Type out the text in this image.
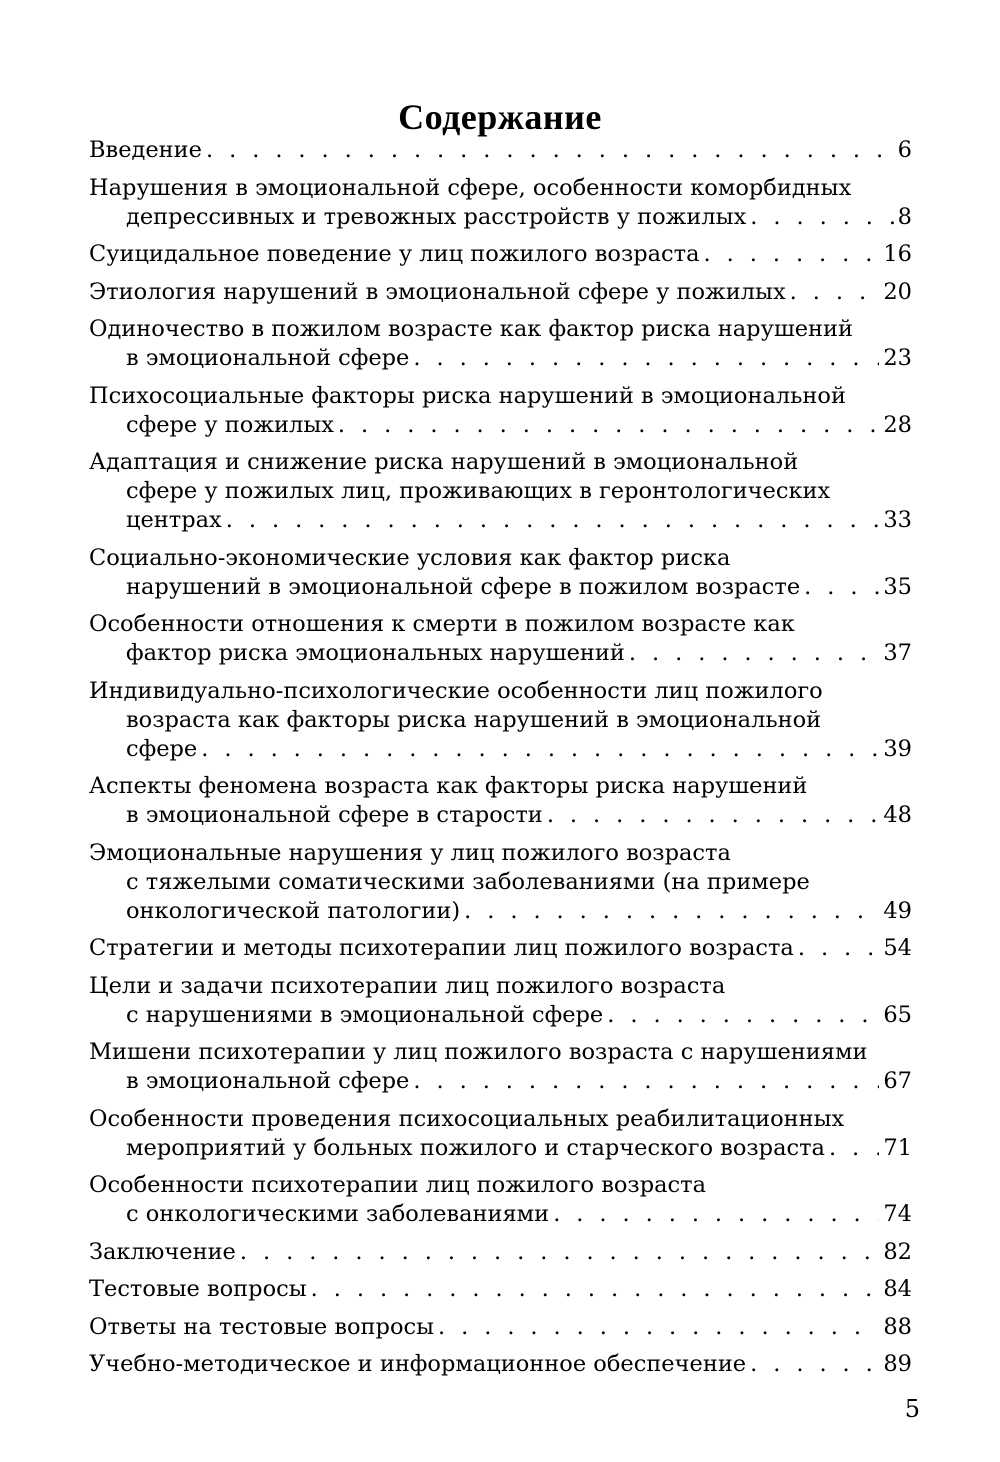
Содержание
Введение . . .	6
Нарушения в эмоциональной сфере, особенности коморбидных
депрессивных и тревожных расстройств у пожилых . . .	8
Суицидальное поведение у лиц пожилого возраста . . .	16
Этиология нарушений в эмоциональной сфере у пожилых . . .	20
Одиночество в пожилом возрасте как фактор риска нарушений
в эмоциональной сфере . . .	23
Психосоциальные факторы риска нарушений в эмоциональной
сфере у пожилых . . .	28
Адаптация и снижение риска нарушений в эмоциональной
сфере у пожилых лиц, проживающих в геронтологических
центрах . . .	33
Социально-экономические условия как фактор риска
нарушений в эмоциональной сфере в пожилом возрасте . . .	35
Особенности отношения к смерти в пожилом возрасте как
фактор риска эмоциональных нарушений . . .	37
Индивидуально-психологические особенности лиц пожилого
возраста как факторы риска нарушений в эмоциональной
сфере . . .	39
Аспекты феномена возраста как факторы риска нарушений
в эмоциональной сфере в старости . . .	48
Эмоциональные нарушения у лиц пожилого возраста
с тяжелыми соматическими заболеваниями (на примере
онкологической патологии) . . .	49
Стратегии и методы психотерапии лиц пожилого возраста . . .	54
Цели и задачи психотерапии лиц пожилого возраста
с нарушениями в эмоциональной сфере . . .	65
Мишени психотерапии у лиц пожилого возраста с нарушениями
в эмоциональной сфере . . .	67
Особенности проведения психосоциальных реабилитационных
мероприятий у больных пожилого и старческого возраста . . .	71
Особенности психотерапии лиц пожилого возраста
с онкологическими заболеваниями . . .	74
Заключение . . .	82
Тестовые вопросы . . .	84
Ответы на тестовые вопросы . . .	88
Учебно-методическое и информационное обеспечение . . .	89
5
